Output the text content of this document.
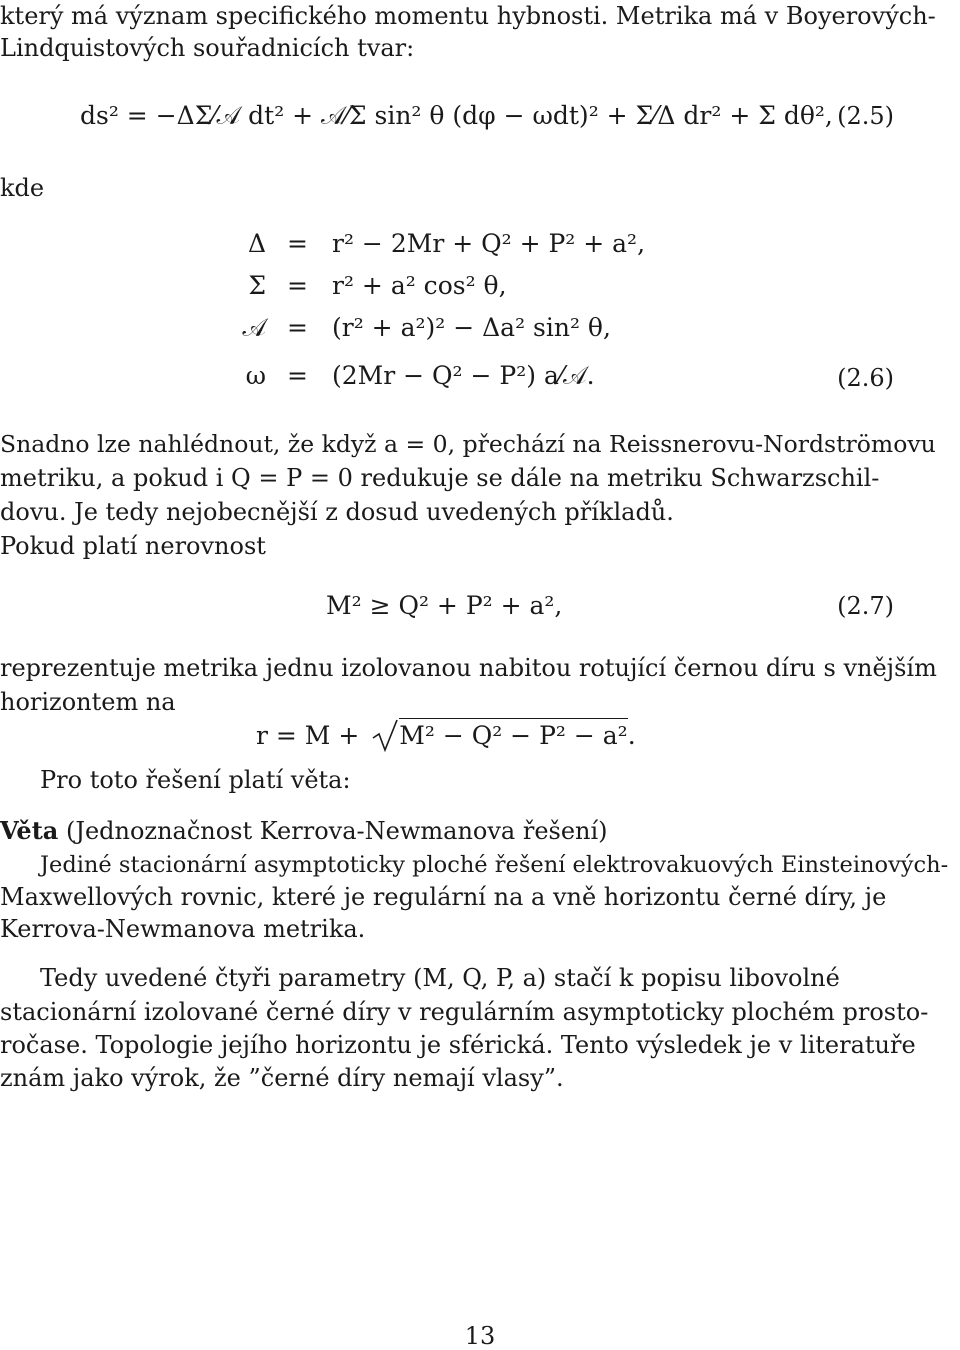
který má význam specifického momentu hybnosti. Metrika má v Boyerových-
Lindquistových souřadnicích tvar:
ds² = −ΔΣ⁄𝒜 dt² + 𝒜⁄Σ sin² θ (dφ − ωdt)² + Σ⁄Δ dr² + Σ dθ², (2.5)
kde
Δ = r² − 2Mr + Q² + P² + a²,
Σ = r² + a² cos² θ,
𝒜 = (r² + a²)² − Δa² sin² θ,
ω = (2Mr − Q² − P²) a⁄𝒜.	(2.6)
Snadno lze nahlédnout, že když a = 0, přechází na Reissnerovu-Nordströmovu
metriku, a pokud i Q = P = 0 redukuje se dále na metriku Schwarzschil-
dovu. Je tedy nejobecnější z dosud uvedených příkladů.
Pokud platí nerovnost
M² ≥ Q² + P² + a²,	(2.7)
reprezentuje metrika jednu izolovanou nabitou rotující černou díru s vnějším
horizontem na
r = M + M² − Q² − P² − a².
Pro toto řešení platí věta:
Věta (Jednoznačnost Kerrova-Newmanova řešení)
Jediné stacionární asymptoticky ploché řešení elektrovakuových Einsteinových-
Maxwellových rovnic, které je regulární na a vně horizontu černé díry, je
Kerrova-Newmanova metrika.
Tedy uvedené čtyři parametry (M, Q, P, a) stačí k popisu libovolné
stacionární izolované černé díry v regulárním asymptoticky plochém prosto-
ročase. Topologie jejího horizontu je sférická. Tento výsledek je v literatuře
znám jako výrok, že ”černé díry nemají vlasy”.
13
